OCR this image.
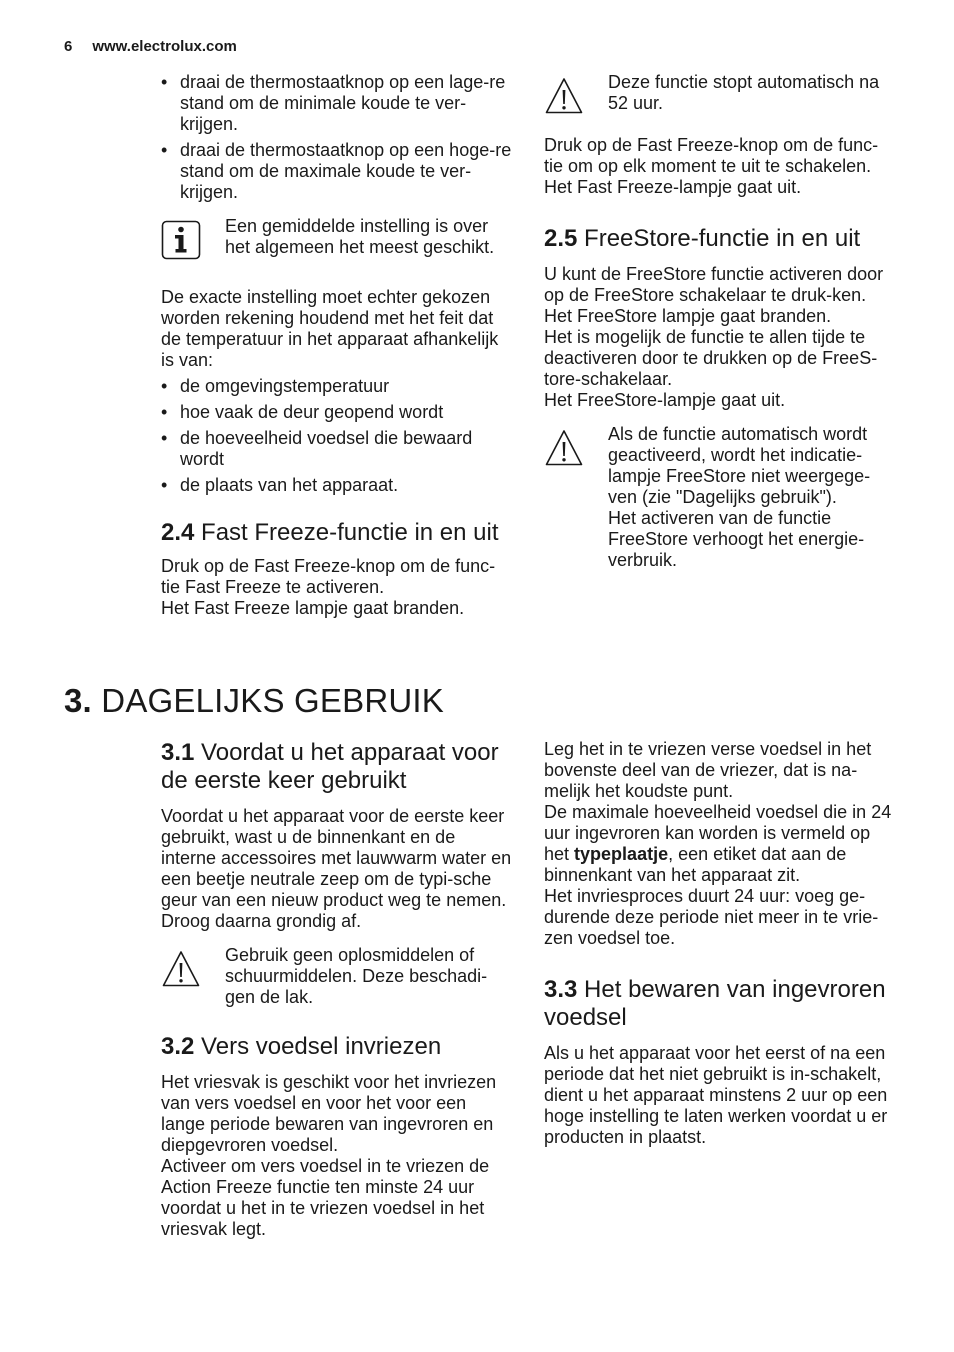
6 www.electrolux.com
• draai de thermostaatknop op een lage-re stand om de minimale koude te ver-krijgen.
• draai de thermostaatknop op een hoge-re stand om de maximale koude te ver-krijgen.

Een gemiddelde instelling is over het algemeen het meest geschikt.

De exacte instelling moet echter gekozen worden rekening houdend met het feit dat de temperatuur in het apparaat afhankelijk is van:

• de omgevingstemperatuur
• hoe vaak de deur geopend wordt
• de hoeveelheid voedsel die bewaard wordt
• de plaats van het apparaat.
2.4 Fast Freeze-functie in en uit

Druk op de Fast Freeze-knop om de func-tie Fast Freeze te activeren.
Het Fast Freeze lampje gaat branden.

Deze functie stopt automatisch na 52 uur.

Druk op de Fast Freeze-knop om de func-tie om op elk moment te uit te schakelen.
Het Fast Freeze-lampje gaat uit.

2.5 FreeStore-functie in en uit

U kunt de FreeStore functie activeren door op de FreeStore schakelaar te druk-ken.
Het FreeStore lampje gaat branden.
Het is mogelijk de functie te allen tijde te deactiveren door te drukken op de FreeS-tore-schakelaar.
Het FreeStore-lampje gaat uit.

Als de functie automatisch wordt geactiveerd, wordt het indicatie-lampje FreeStore niet weergege-ven (zie "Dagelijks gebruik").
Het activeren van de functie FreeStore verhoogt het energie-verbruik.

3. DAGELIJKS GEBRUIK
3.1 Voordat u het apparaat voor de eerste keer gebruikt

Voordat u het apparaat voor de eerste keer gebruikt, wast u de binnenkant en de interne accessoires met lauwwarm water en een beetje neutrale zeep om de typi-sche geur van een nieuw product weg te nemen. Droog daarna grondig af.

Gebruik geen oplosmiddelen of schuurmiddelen. Deze beschadi-gen de lak.

3.2 Vers voedsel invriezen

Het vriesvak is geschikt voor het invriezen van vers voedsel en voor het voor een lange periode bewaren van ingevroren en diepgevroren voedsel.
Activeer om vers voedsel in te vriezen de Action Freeze functie ten minste 24 uur voordat u het in te vriezen voedsel in het vriesvak legt.

Leg het in te vriezen verse voedsel in het bovenste deel van de vriezer, dat is na-melijk het koudste punt.
De maximale hoeveelheid voedsel die in 24 uur ingevroren kan worden is vermeld op het typeplaatje, een etiket dat aan de binnenkant van het apparaat zit.
Het invriesproces duurt 24 uur: voeg ge-durende deze periode niet meer in te vrie-zen voedsel toe.

3.3 Het bewaren van ingevroren voedsel

Als u het apparaat voor het eerst of na een periode dat het niet gebruikt is in-schakelt, dient u het apparaat minstens 2 uur op een hoge instelling te laten werken voordat u er producten in plaatst.
